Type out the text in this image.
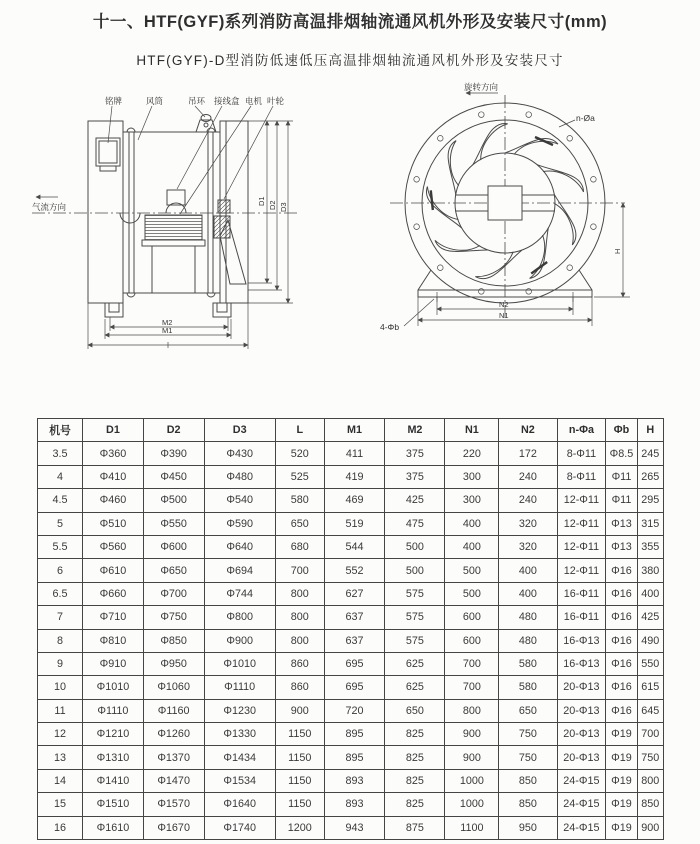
十一、HTF(GYF)系列消防高温排烟轴流通风机外形及安装尺寸(mm)
HTF(GYF)-D型消防低速低压高温排烟轴流通风机外形及安装尺寸
气流方向
铭牌	风筒	吊环 接线盒 电机 叶轮
D1 D2 D3
M2
M1
旋转方向
n-Øa
4-Φb
N2
N1
H
机号	D1	D2	D3	L	M1	M2	N1	N2	n-Φa	Φb	H
3.5	Φ360	Φ390	Φ430	520	411	375	220	172	8-Φ11	Φ8.5	245
4	Φ410	Φ450	Φ480	525	419	375	300	240	8-Φ11	Φ11	265
4.5	Φ460	Φ500	Φ540	580	469	425	300	240	12-Φ11	Φ11	295
5	Φ510	Φ550	Φ590	650	519	475	400	320	12-Φ11	Φ13	315
5.5	Φ560	Φ600	Φ640	680	544	500	400	320	12-Φ11	Φ13	355
6	Φ610	Φ650	Φ694	700	552	500	500	400	12-Φ11	Φ16	380
6.5	Φ660	Φ700	Φ744	800	627	575	500	400	16-Φ11	Φ16	400
7	Φ710	Φ750	Φ800	800	637	575	600	480	16-Φ11	Φ16	425
8	Φ810	Φ850	Φ900	800	637	575	600	480	16-Φ13	Φ16	490
9	Φ910	Φ950	Φ1010	860	695	625	700	580	16-Φ13	Φ16	550
10	Φ1010	Φ1060	Φ1110	860	695	625	700	580	20-Φ13	Φ16	615
11	Φ1110	Φ1160	Φ1230	900	720	650	800	650	20-Φ13	Φ16	645
12	Φ1210	Φ1260	Φ1330	1150	895	825	900	750	20-Φ13	Φ19	700
13	Φ1310	Φ1370	Φ1434	1150	895	825	900	750	20-Φ13	Φ19	750
14	Φ1410	Φ1470	Φ1534	1150	893	825	1000	850	24-Φ15	Φ19	800
15	Φ1510	Φ1570	Φ1640	1150	893	825	1000	850	24-Φ15	Φ19	850
16	Φ1610	Φ1670	Φ1740	1200	943	875	1100	950	24-Φ15	Φ19	900
